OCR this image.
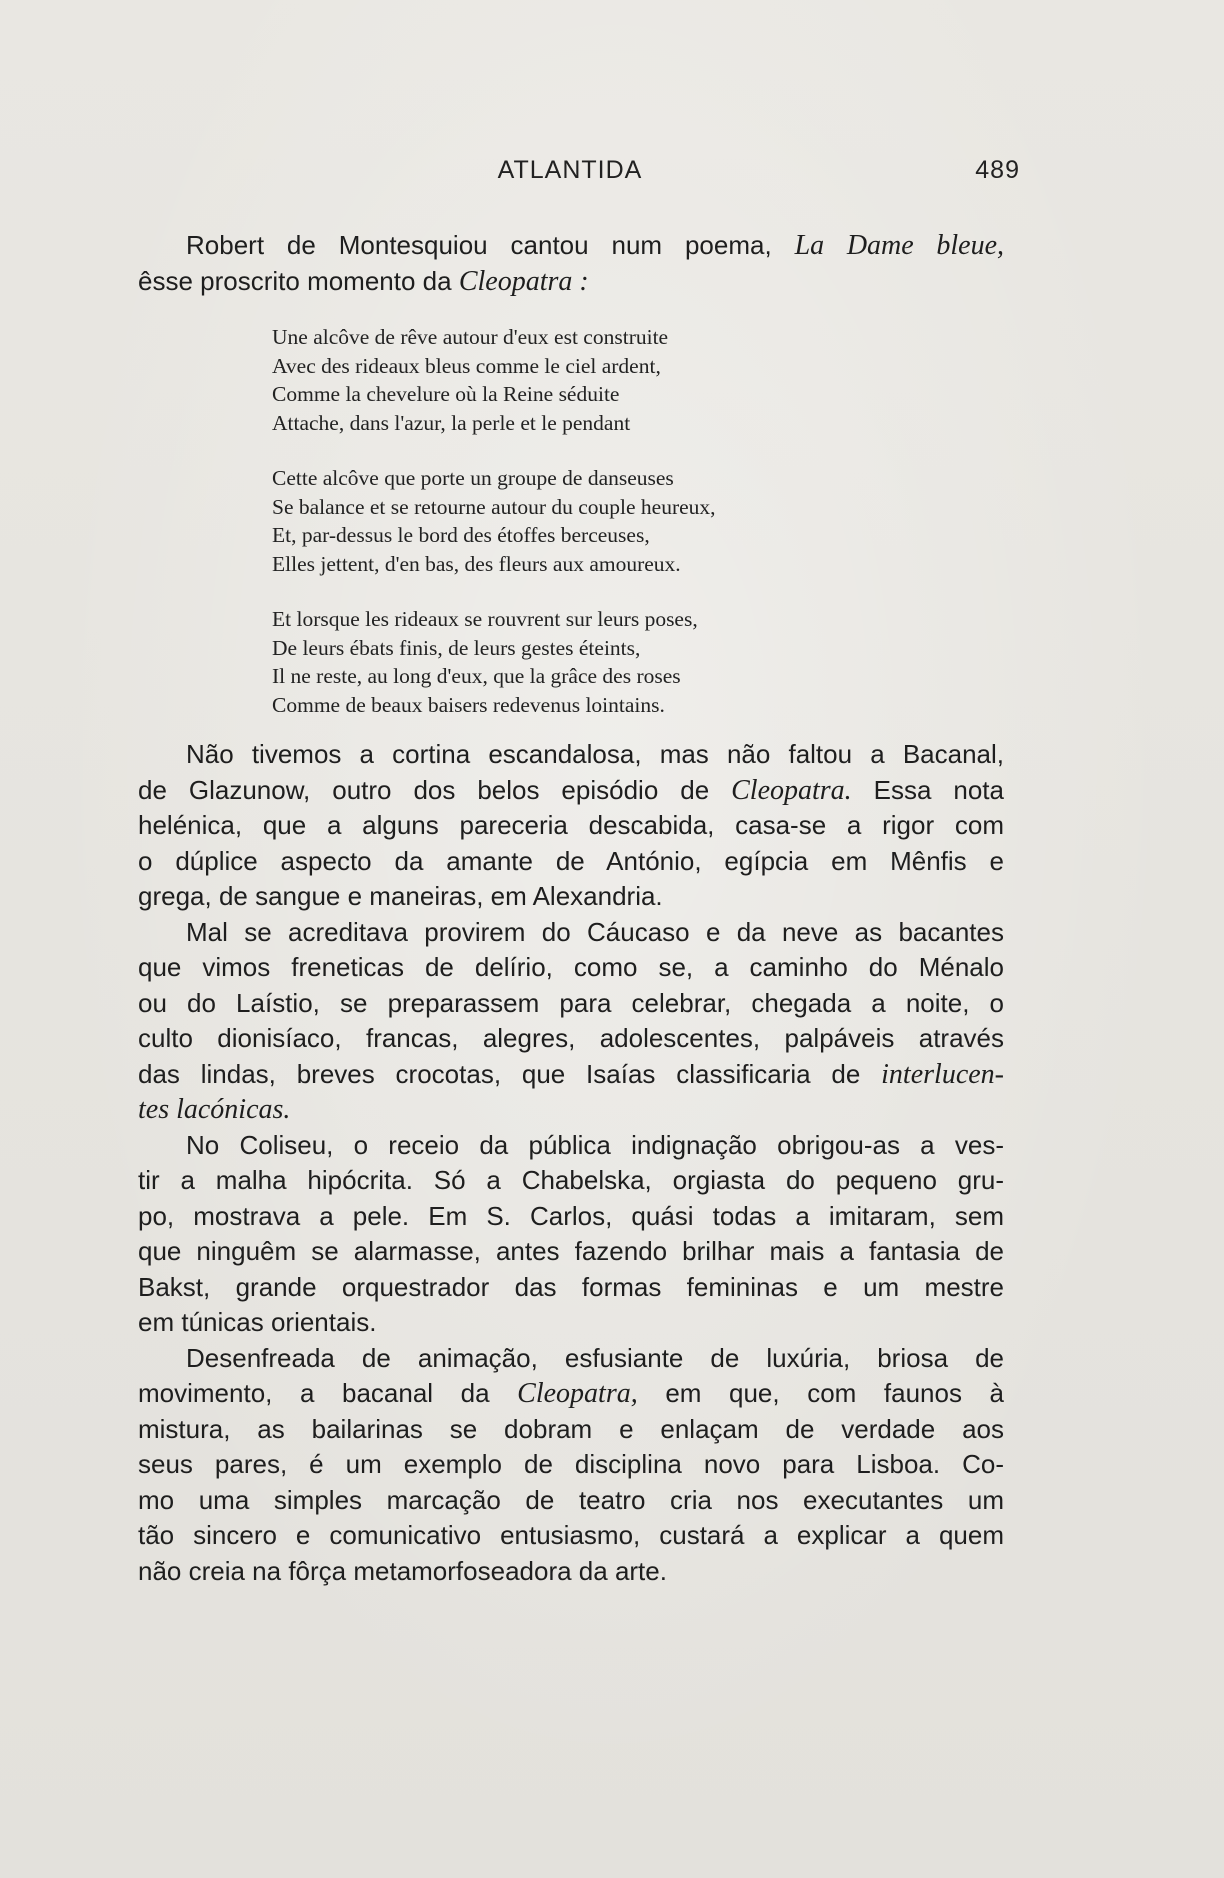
ATLANTIDA	489
Robert de Montesquiou cantou num poema, La Dame bleue,
êsse proscrito momento da Cleopatra :
Une alcôve de rêve autour d'eux est construite
Avec des rideaux bleus comme le ciel ardent,
Comme la chevelure où la Reine séduite
Attache, dans l'azur, la perle et le pendant
Cette alcôve que porte un groupe de danseuses
Se balance et se retourne autour du couple heureux,
Et, par-dessus le bord des étoffes berceuses,
Elles jettent, d'en bas, des fleurs aux amoureux.
Et lorsque les rideaux se rouvrent sur leurs poses,
De leurs ébats finis, de leurs gestes éteints,
Il ne reste, au long d'eux, que la grâce des roses
Comme de beaux baisers redevenus lointains.
Não tivemos a cortina escandalosa, mas não faltou a Bacanal,
de Glazunow, outro dos belos episódio de Cleopatra. Essa nota
helénica, que a alguns pareceria descabida, casa-se a rigor com
o dúplice aspecto da amante de António, egípcia em Mênfis e
grega, de sangue e maneiras, em Alexandria.
Mal se acreditava provirem do Cáucaso e da neve as bacantes
que vimos freneticas de delírio, como se, a caminho do Ménalo
ou do Laístio, se preparassem para celebrar, chegada a noite, o
culto dionisíaco, francas, alegres, adolescentes, palpáveis através
das lindas, breves crocotas, que Isaías classificaria de interlucen-
tes lacónicas.
No Coliseu, o receio da pública indignação obrigou-as a ves-
tir a malha hipócrita. Só a Chabelska, orgiasta do pequeno gru-
po, mostrava a pele. Em S. Carlos, quási todas a imitaram, sem
que ninguêm se alarmasse, antes fazendo brilhar mais a fantasia de
Bakst, grande orquestrador das formas femininas e um mestre
em túnicas orientais.
Desenfreada de animação, esfusiante de luxúria, briosa de
movimento, a bacanal da Cleopatra, em que, com faunos à
mistura, as bailarinas se dobram e enlaçam de verdade aos
seus pares, é um exemplo de disciplina novo para Lisboa. Co-
mo uma simples marcação de teatro cria nos executantes um
tão sincero e comunicativo entusiasmo, custará a explicar a quem
não creia na fôrça metamorfoseadora da arte.
